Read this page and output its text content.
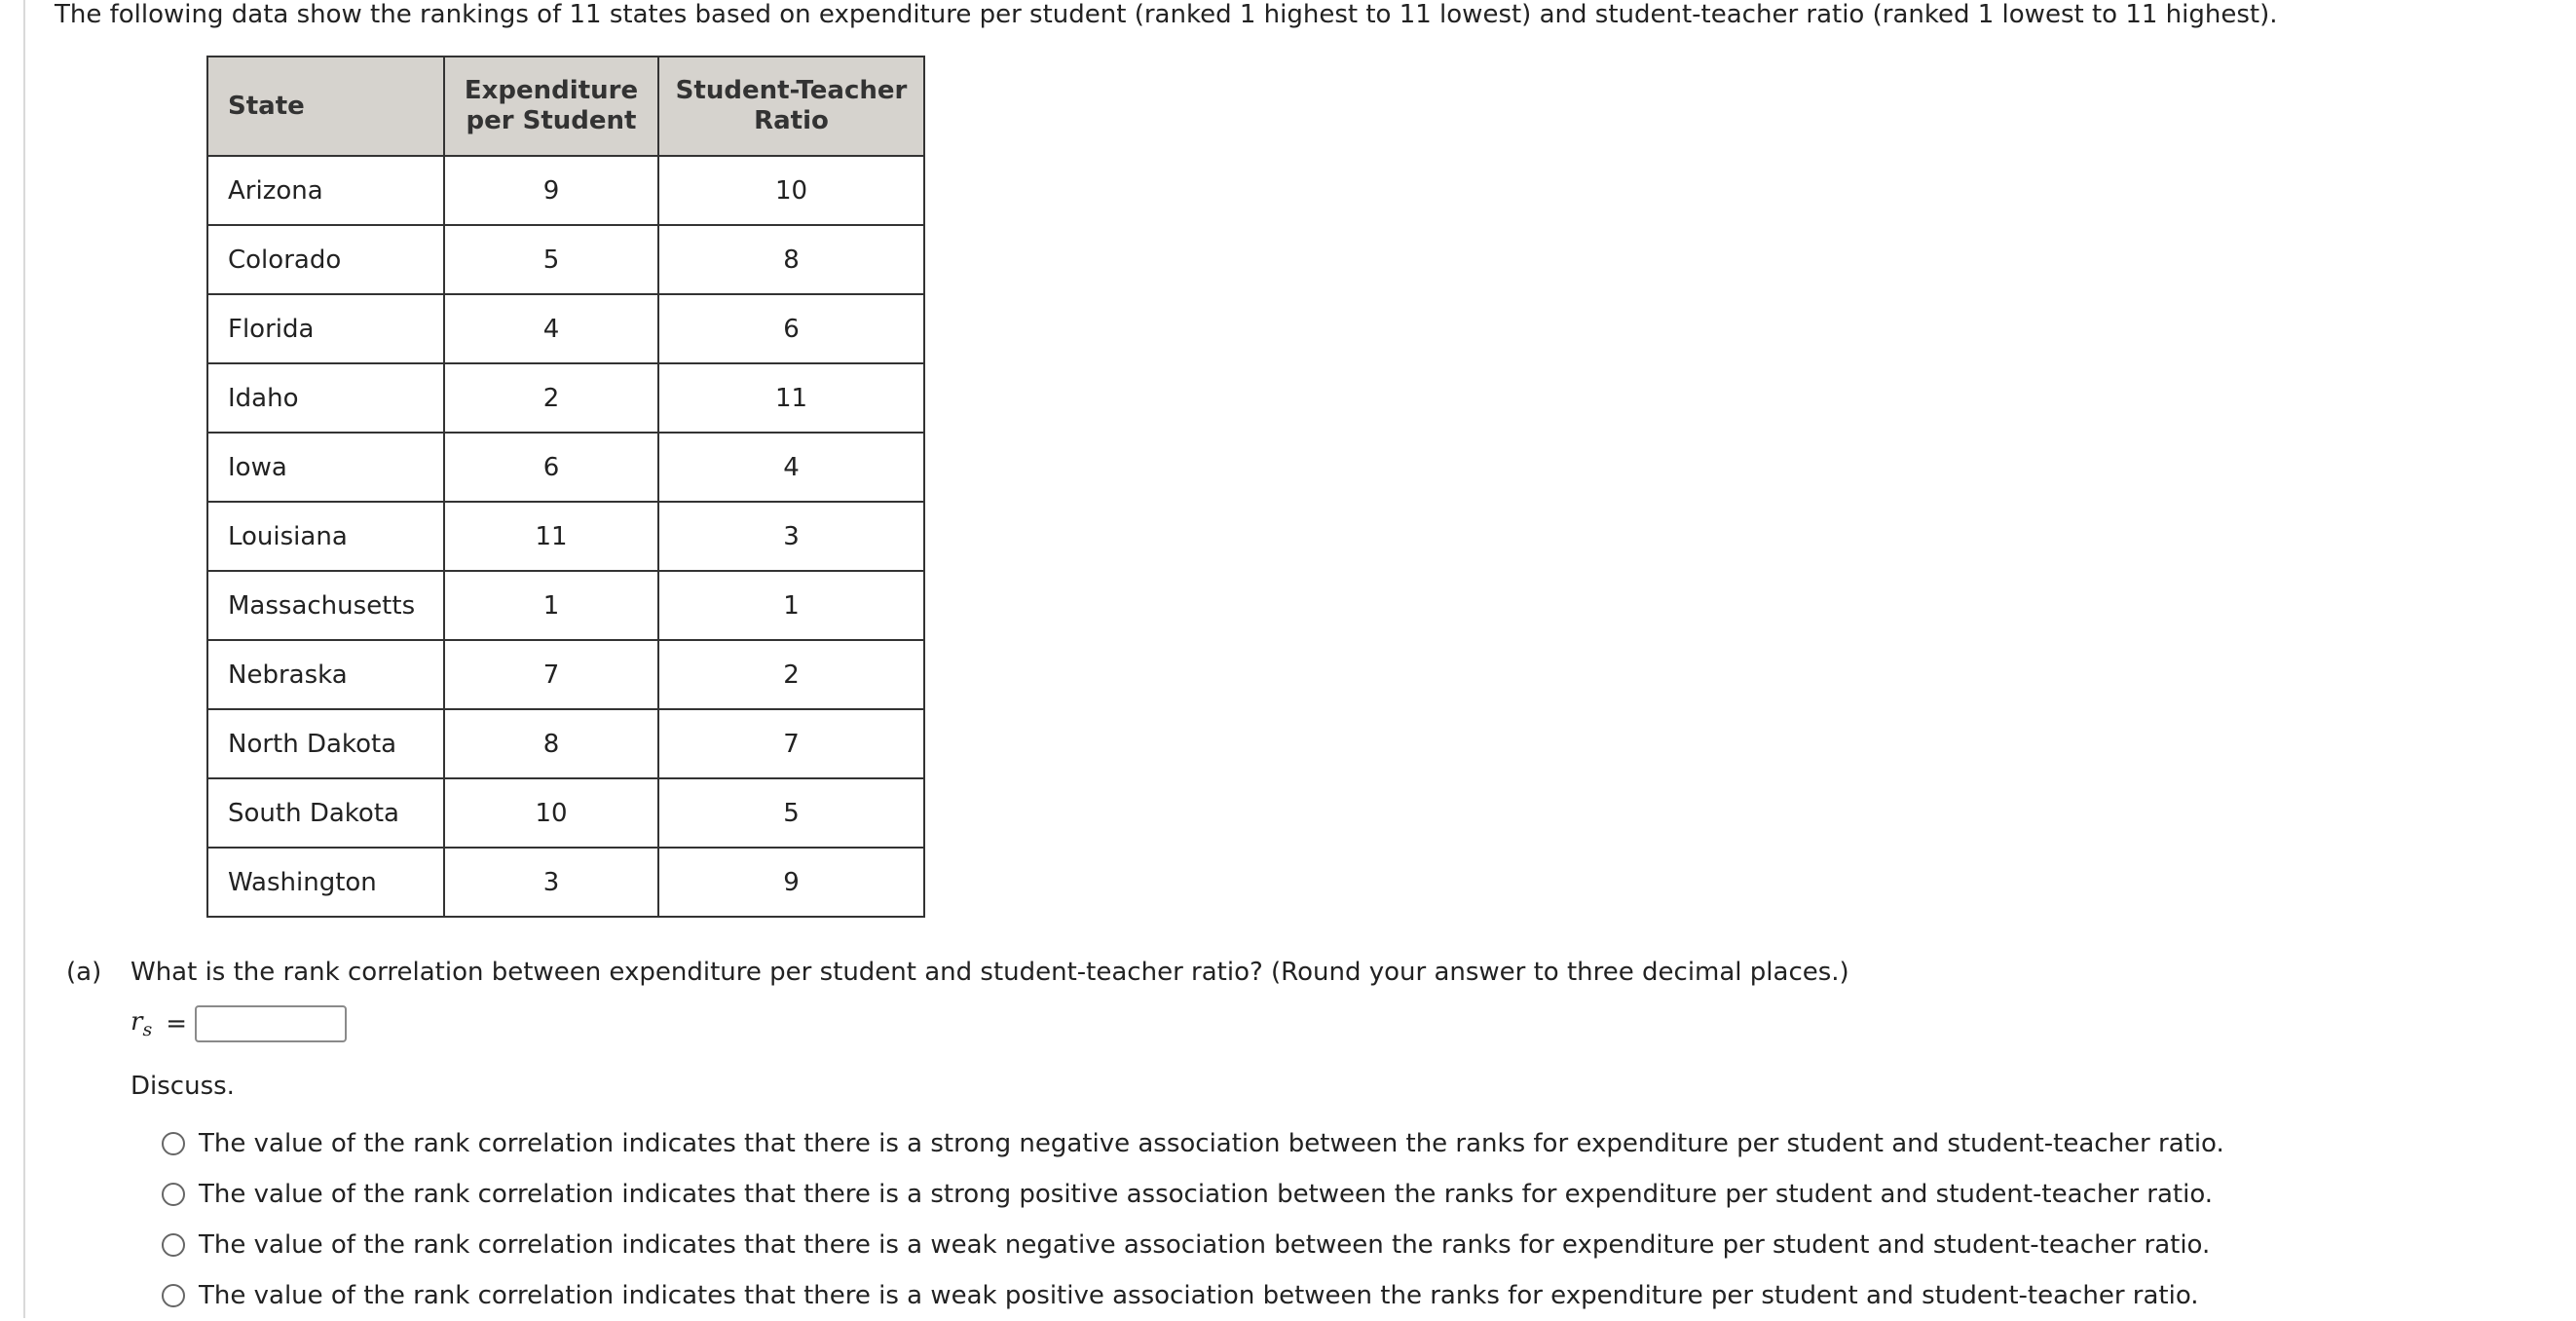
The following data show the rankings of 11 states based on expenditure per student (ranked 1 highest to 11 lowest) and student-teacher ratio (ranked 1 lowest to 11 highest).
State	Expenditure per Student	Student-Teacher Ratio
Arizona	9	10
Colorado	5	8
Florida	4	6
Idaho	2	11
Iowa	6	4
Louisiana	11	3
Massachusetts	1	1
Nebraska	7	2
North Dakota	8	7
South Dakota	10	5
Washington	3	9
(a) What is the rank correlation between expenditure per student and student-teacher ratio? (Round your answer to three decimal places.)
$r_s$ =
Discuss.
The value of the rank correlation indicates that there is a strong negative association between the ranks for expenditure per student and student-teacher ratio.
The value of the rank correlation indicates that there is a strong positive association between the ranks for expenditure per student and student-teacher ratio.
The value of the rank correlation indicates that there is a weak negative association between the ranks for expenditure per student and student-teacher ratio.
The value of the rank correlation indicates that there is a weak positive association between the ranks for expenditure per student and student-teacher ratio.
